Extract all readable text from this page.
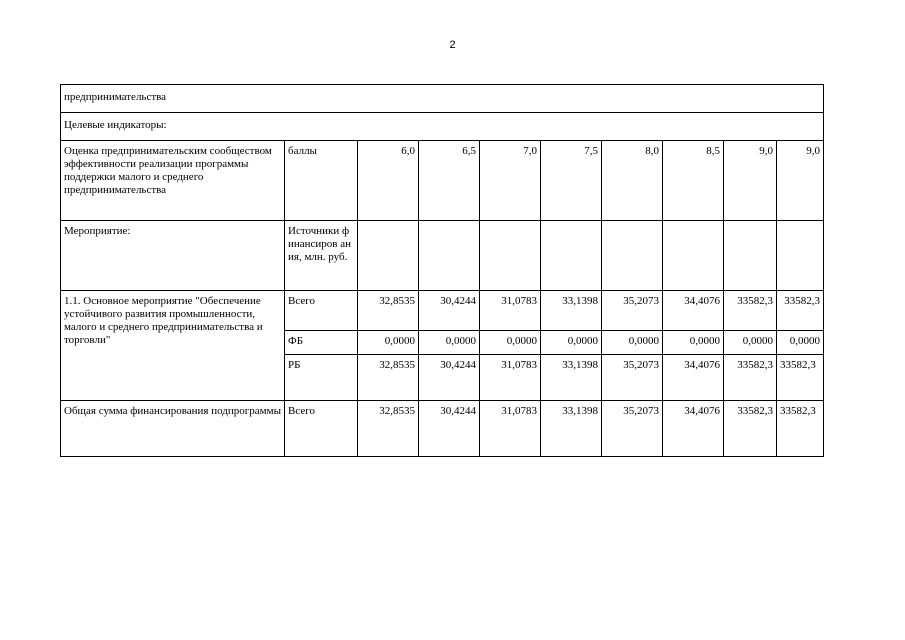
2
предпринимательства									
Целевые индикаторы:									
Оценка предпринимательским сообществом эффективности реализации программы поддержки малого и среднего предпринимательства	баллы	6,0	6,5	7,0	7,5	8,0	8,5	9,0	9,0
Мероприятие:	Источники финансиров ания, млн. руб.								
1.1. Основное мероприятие "Обеспечение устойчивого развития промышленности, малого и среднего предпринимательства и торговли"	Всего	32,8535	30,4244	31,0783	33,1398	35,2073	34,4076	33582,3	33582,3
	ФБ	0,0000	0,0000	0,0000	0,0000	0,0000	0,0000	0,0000	0,0000
	РБ	32,8535	30,4244	31,0783	33,1398	35,2073	34,4076	33582,3	33582,3
Общая сумма финансирования подпрограммы	Всего	32,8535	30,4244	31,0783	33,1398	35,2073	34,4076	33582,3	33582,3
